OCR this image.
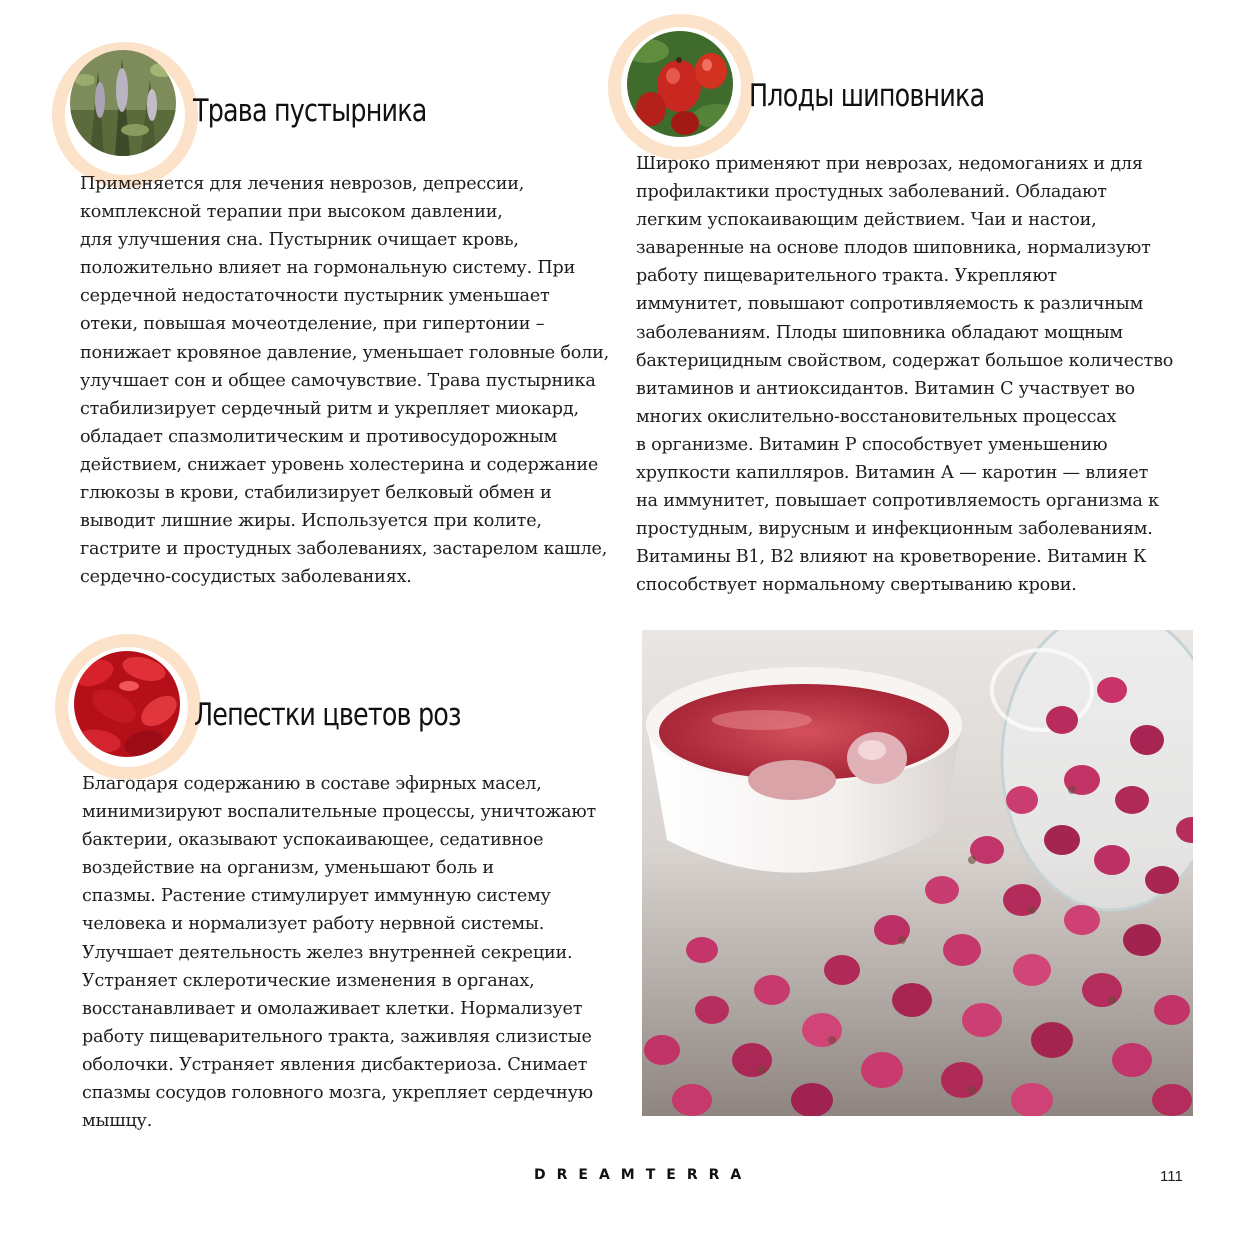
Трава пустырника
Применяется для лечения неврозов, депрессии,
комплексной терапии при высоком давлении,
для улучшения сна. Пустырник очищает кровь,
положительно влияет на гормональную систему. При
сердечной недостаточности пустырник уменьшает
отеки, повышая мочеотделение, при гипертонии –
понижает кровяное давление, уменьшает головные боли,
улучшает сон и общее самочувствие. Трава пустырника
стабилизирует сердечный ритм и укрепляет миокард,
обладает спазмолитическим и противосудорожным
действием, снижает уровень холестерина и содержание
глюкозы в крови, стабилизирует белковый обмен и
выводит лишние жиры. Используется при колите,
гастрите и простудных заболеваниях, застарелом кашле,
сердечно-сосудистых заболеваниях.
Плоды шиповника
Широко применяют при неврозах, недомоганиях и для
профилактики простудных заболеваний. Обладают
легким успокаивающим действием. Чаи и настои,
заваренные на основе плодов шиповника, нормализуют
работу пищеварительного тракта. Укрепляют
иммунитет, повышают сопротивляемость к различным
заболеваниям. Плоды шиповника обладают мощным
бактерицидным свойством, содержат большое количество
витаминов и антиоксидантов. Витамин С участвует во
многих окислительно-восстановительных процессах
в организме. Витамин Р способствует уменьшению
хрупкости капилляров. Витамин А — каротин — влияет
на иммунитет, повышает сопротивляемость организма к
простудным, вирусным и инфекционным заболеваниям.
Витамины В1, В2 влияют на кроветворение. Витамин К
способствует нормальному свертыванию крови.
Лепестки цветов роз
Благодаря содержанию в составе эфирных масел,
минимизируют воспалительные процессы, уничтожают
бактерии, оказывают успокаивающее, седативное
воздействие на организм, уменьшают боль и
спазмы. Растение стимулирует иммунную систему
человека и нормализует работу нервной системы.
Улучшает деятельность желез внутренней секреции.
Устраняет склеротические изменения в органах,
восстанавливает и омолаживает клетки. Нормализует
работу пищеварительного тракта, заживляя слизистые
оболочки. Устраняет явления дисбактериоза. Снимает
спазмы сосудов головного мозга, укрепляет сердечную
мышцу.
DREAMTERRA	111
